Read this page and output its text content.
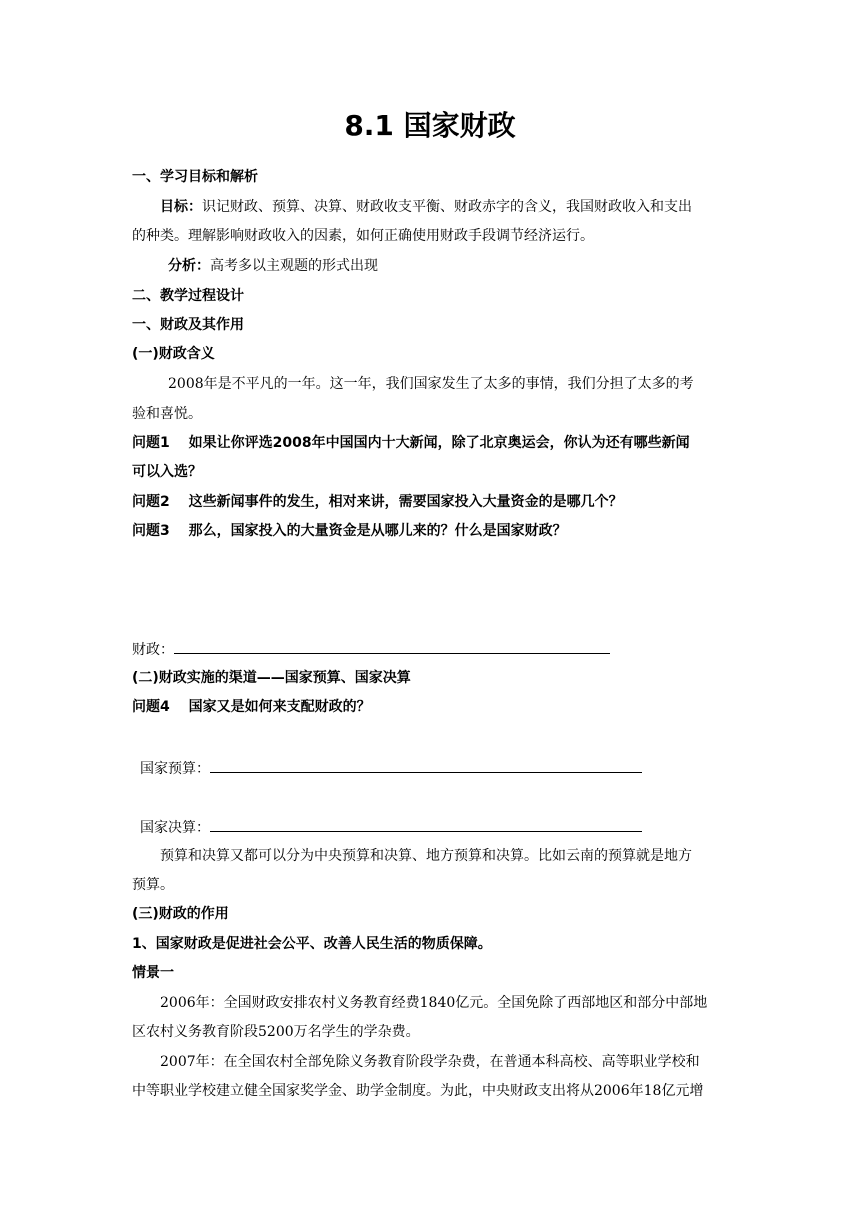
8.1 国家财政
一、学习目标和解析
目标：识记财政、预算、决算、财政收支平衡、财政赤字的含义，我国财政收入和支出
的种类。理解影响财政收入的因素，如何正确使用财政手段调节经济运行。
分析：高考多以主观题的形式出现
二、教学过程设计
一、财政及其作用
(一)财政含义
2008年是不平凡的一年。这一年，我们国家发生了太多的事情，我们分担了太多的考
验和喜悦。
问题1　 如果让你评选2008年中国国内十大新闻，除了北京奥运会，你认为还有哪些新闻
可以入选？
问题2　 这些新闻事件的发生，相对来讲，需要国家投入大量资金的是哪几个？
问题3　 那么，国家投入的大量资金是从哪儿来的？什么是国家财政？
财政：
(二)财政实施的渠道——国家预算、国家决算
问题4　 国家又是如何来支配财政的？
国家预算：
国家决算：
预算和决算又都可以分为中央预算和决算、地方预算和决算。比如云南的预算就是地方
预算。
(三)财政的作用
1、国家财政是促进社会公平、改善人民生活的物质保障。
情景一
2006年：全国财政安排农村义务教育经费1840亿元。全国免除了西部地区和部分中部地
区农村义务教育阶段5200万名学生的学杂费。
2007年：在全国农村全部免除义务教育阶段学杂费，在普通本科高校、高等职业学校和
中等职业学校建立健全国家奖学金、助学金制度。为此，中央财政支出将从2006年18亿元增
